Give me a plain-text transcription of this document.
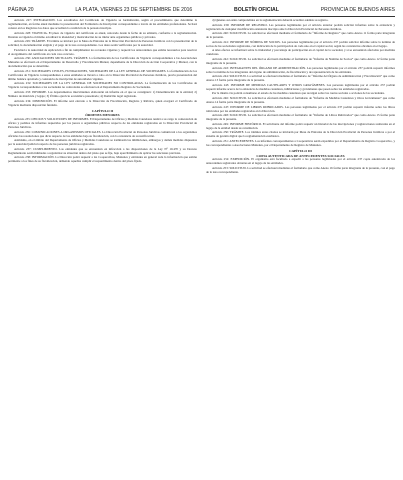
PÁGINA 20	LA PLATA, VIERNES 23 DE SEPTIEMBRE DE 2016	BOLETÍN OFICIAL	PROVINCIA DE BUENOS AIRES

Artículo 227: INTEGRACIÓN. Los acreditados del Certificado de Vigencia se formalizarán, según el procedimiento que determine la reglamentación, en forma anual mediante la presentación del Formulario de Inscripción correspondiente a través de las entidades profesionales. Se hará constar en los Registros los datos que acrediten la condición de la persona inscripta.

Artículo 228: VIGENCIA. El plazo de vigencia del certificado es anual, renovado desde la fecha de su emisión, conforme a la reglamentación. Durante su vigencia el mismo acreditará la idoneidad y matriculación de su titular ante organismos públicos y privados.

Artículo 229: TRÁMITE. El trámite se iniciará por la Mesa de Entradas de la Dirección Provincial de Personas Jurídicas con la presentación de la solicitud, la documentación exigida y el pago de la tasa correspondiente. Los datos serán verificados por la autoridad.

Facultad a la Autoridad de Aplicación a fin de cumplimentar los recaudos vigentes y requerir los antecedentes que estime necesarios para resolver el otorgamiento del certificado en cada caso concreto.

Artículo 230: ASOCIACIONES MUTUALES. TRÁMITE. La formalización de los Certificados de Vigencia correspondientes a las Asociaciones Mutuales se efectuará en el Departamento de Desarrollo y Fiscalización Mutual, dependiente de la Dirección de Acción Cooperativa y Mutual, con la documentación que se determine.

Artículo 231: SOCIEDADES CIVILES, FUNDACIONES, SOCIEDADES DE LA LEY GENERAL DE SOCIEDADES. La formalización de los Certificados de Vigencia correspondientes a estas entidades se llevará a cabo en la Dirección Provincial de Personas Jurídicas, previa presentación del último balance aprobado y constancia de inscripción de autoridades vigentes.

Artículo 232: SOCIEDADES DE LA LEY GENERAL DE SOCIEDADES NO CONTROLADAS. La formalización de los Certificados de Vigencia correspondientes a las sociedades no controladas se efectuará en el Departamento Registro de Sociedades.

Artículo 233: INFORME. Los departamentos intervinientes elaborarán un informe en el que se consignará: 1) Denominación de la entidad; 2) Número de matrícula y legajo; 3) Último ejercicio económico presentado; 4) Domicilio legal registrado.

Artículo 234: DISPOSICIÓN. El informe será elevado a la Dirección de Fiscalización, Registro y Rúbrica, quien otorgará el Certificado de Vigencia mediante disposición fundada.

CAPÍTULO II
ÓRDENES MENORES

Artículo 235: OFICIOS Y SOLICITUDES DE INFORMES. El Departamento de Oficios y Medidas Cautelares tendrá a su cargo la contestación de oficios y pedidos de informes requeridos por los jueces u organismos públicos respecto de las entidades registradas en la Dirección Provincial de Personas Jurídicas.

Artículo 236: COMUNICACIONES A ORGANISMOS OFICIALES. La Dirección Provincial de Personas Jurídicas comunicará a los organismos oficiales las resoluciones que dicte respecto de las entidades bajo su fiscalización, con la constancia de su notificación.

Asimismo, en el ámbito del Departamento de Oficios y Medidas Cautelares se tramitarán las inhibiciones, embargos y demás medidas dispuestas por la autoridad judicial respecto de las personas jurídicas registradas.

Artículo 237: CUMPLIMIENTO. Las entidades que se encuentren en infracción a las disposiciones de la Ley N° 10.470 y su Decreto Reglamentario serán intimadas a regularizar su situación dentro del plazo que se fije, bajo apercibimiento de aplicar las sanciones previstas.

Artículo 238: INFORMACIÓN. La Dirección podrá requerir a las Cooperativas, Mutuales y entidades en general toda la información que estime pertinente a los fines de su fiscalización, debiendo aquellas cumplir el requerimiento dentro del plazo fijado.

d) Quienes así estén comprendidos en la reglamentación deberán acreditar además su registro.

Artículo 239: INFORME DE REGISTRO. Las personas legitimadas por el artículo anterior podrán solicitar informes sobre la existencia y registración de cualquier modificación estatutaria inscripta ante la Dirección Provincial de Personas Jurídicas.

Artículo 240: SOLICITUD. La solicitud se efectuará mediante el formulario de “Informe de Registro” que como Anexo 11 forma parte integrante de la presente.

Artículo 241: INFORME DE NÓMINA DE SOCIOS. Las personas legitimadas por el artículo 237 podrán solicitar informe sobre la nómina de socios de las sociedades registradas, con indicación de la participación de cada uno en el capital social, según las constancias obrantes en el legajo.

A tales efectos se informará sobre la titularidad y porcentaje de participación en el capital de la sociedad, y si se encuentran afectadas por medidas cautelares.

Artículo 242: SOLICITUD. La solicitud se efectuará mediante el formulario de “Informe de Nómina de Socios” que como Anexo 12 forma parte integrante de la presente.

Artículo 243: INTEGRANTES DEL ÓRGANO DE ADMINISTRACIÓN. Las personas legitimadas por el artículo 237 podrán requerir informes sobre la nómina de los integrantes del órgano de administración, de fiscalización y de representación de las entidades.

Artículo 244: SOLICITUD. La solicitud se efectuará mediante el formulario de “Informe del Órgano de Administración y Fiscalización” que como Anexo 13 forma parte integrante de la presente.

Artículo 245: INFORME DE MEDIDAS CAUTELARES Y OTROS GRAVÁMENES. Las personas legitimadas por el artículo 237 podrán requerir informe acerca de la existencia de medidas cautelares, inhibiciones y gravámenes que pesen sobre las entidades registradas.

Por la misma vía podrán consultarse el estado de las medidas cautelares que recaigan sobre las cuotas sociales o acciones de las sociedades.

Artículo 246: SOLICITUD. La solicitud se efectuará mediante el formulario de “Informe de Medidas Cautelares y Otros Gravámenes” que como Anexo 14 forma parte integrante de la presente.

Artículo 247: INFORME DE LIBROS RUBRICADOS. Las personas legitimadas por el artículo 237 podrán requerir informe sobre los libros rubricados por las entidades registradas en la Dirección.

Artículo 248: SOLICITUD. La solicitud se efectuará mediante el formulario de “Informe de Libros Rubricados” que como Anexo 15 forma parte integrante de la presente.

Artículo 249: INFORME HISTÓRICO. El solicitante del informe podrá requerir un historial de las inscripciones y registraciones realizadas en el legajo de la entidad desde su constitución.

Artículo 250: TRÁMITE. Los trámites antes citados se iniciarán por Mesa de Entradas de la Dirección Provincial de Personas Jurídicas o por el sistema de gestión digital que la reglamentación establezca.

Artículo 251: ANTECEDENTES. Los informes correspondientes a Cooperativas serán expedidos por el Departamento de Registro Cooperativo, y los correspondientes a Asociaciones Mutuales, por el Departamento de Registro de Mutuales.

CAPÍTULO III
COPIA AUTENTICADA DE ANTECEDENTES SOCIALES

Artículo 252: EXPEDICIÓN. El organismo está facultado a expedir a las personas legitimadas por el artículo 237 copia autenticada de los antecedentes registrados obrantes en el legajo de las entidades.

Artículo 253: SOLICITUD. La solicitud se efectuará mediante el formulario que como Anexo 16 forma parte integrante de la presente, con el pago de la tasa correspondiente.
